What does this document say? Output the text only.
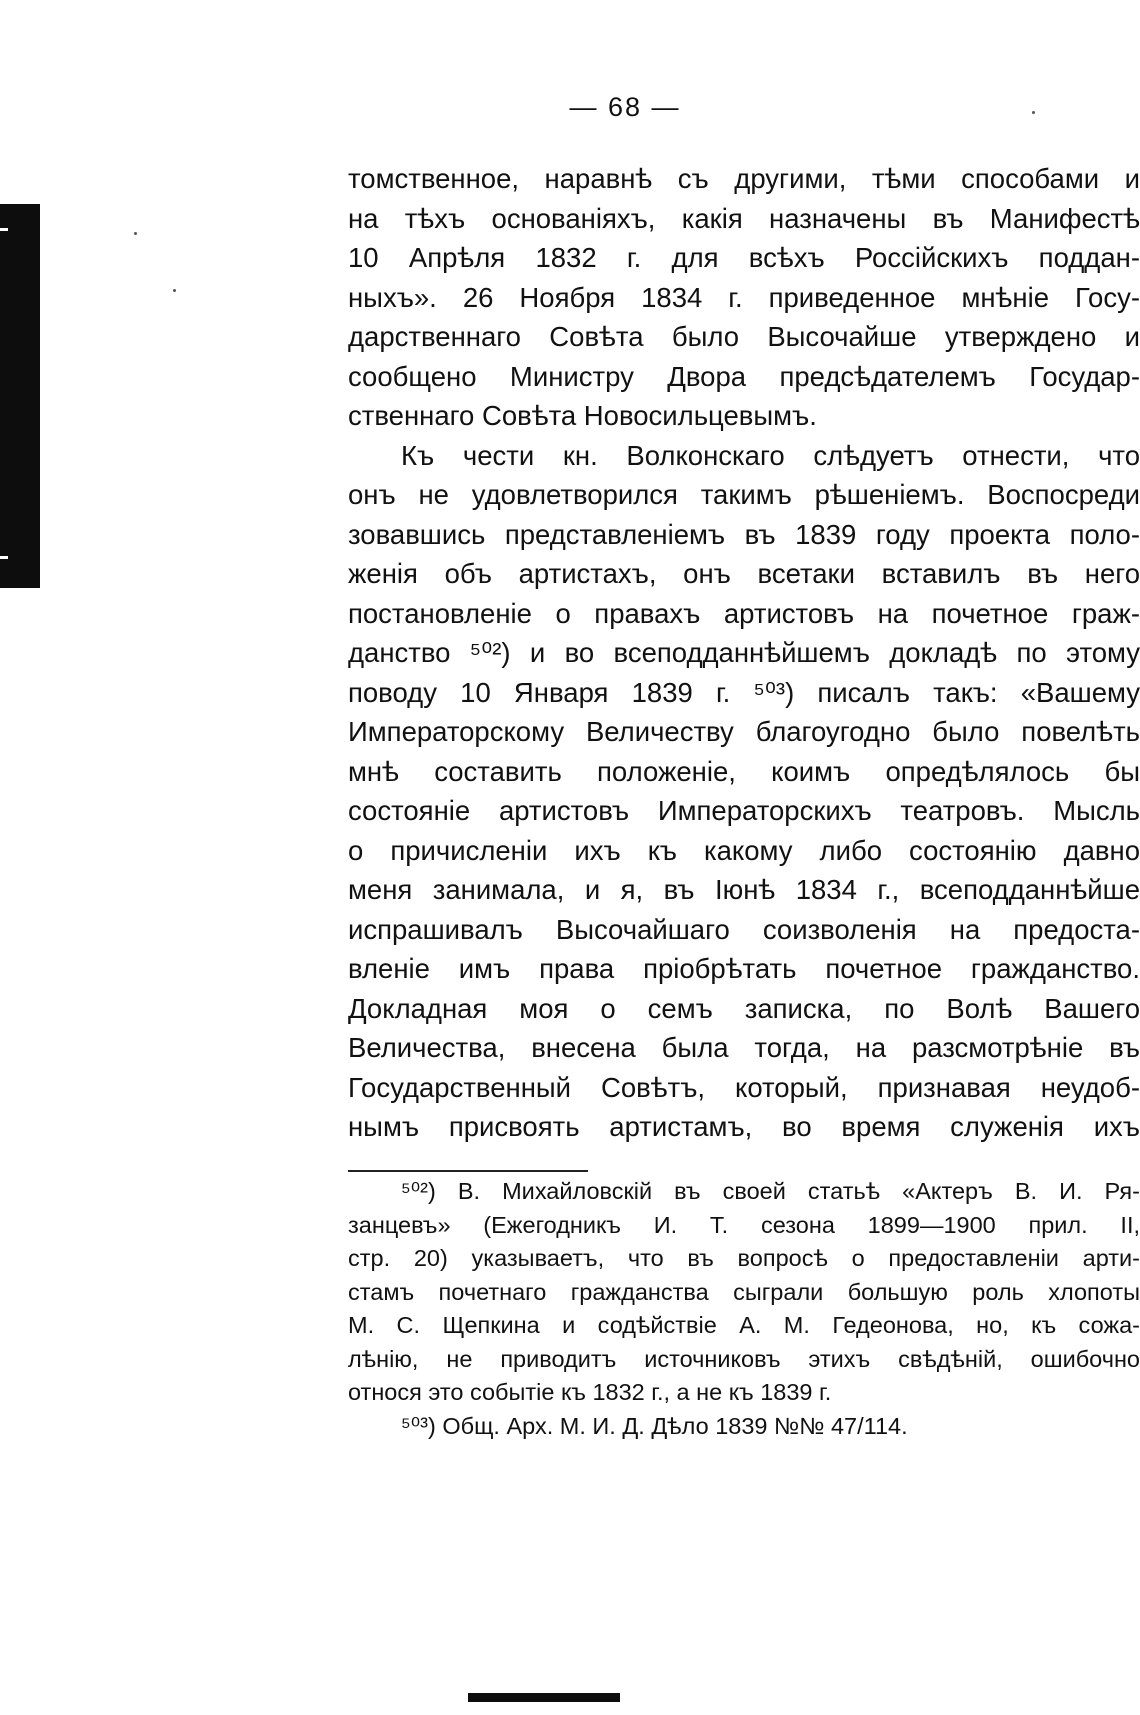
— 68 —
томственное, наравнѣ съ другими, тѣми способами и
на тѣхъ основаніяхъ, какія назначены въ Манифестѣ
10 Апрѣля 1832 г. для всѣхъ Россійскихъ поддан-
ныхъ». 26 Ноября 1834 г. приведенное мнѣніе Госу-
дарственнаго Совѣта было Высочайше утверждено и
сообщено Министру Двора предсѣдателемъ Государ-
ственнаго Совѣта Новосильцевымъ.
Къ чести кн. Волконскаго слѣдуетъ отнести, что
онъ не удовлетворился такимъ рѣшеніемъ. Воспосреди
зовавшись представленіемъ въ 1839 году проекта поло-
женія объ артистахъ, онъ всетаки вставилъ въ него
постановленіе о правахъ артистовъ на почетное граж-
данство ⁵⁰²) и во всеподданнѣйшемъ докладѣ по этому
поводу 10 Января 1839 г. ⁵⁰³) писалъ такъ: «Вашему
Императорскому Величеству благоугодно было повелѣть
мнѣ составить положеніе, коимъ опредѣлялось бы
состояніе артистовъ Императорскихъ театровъ. Мысль
о причисленіи ихъ къ какому либо состоянію давно
меня занимала, и я, въ Іюнѣ 1834 г., всеподданнѣйше
испрашивалъ Высочайшаго соизволенія на предоста-
вленіе имъ права пріобрѣтать почетное гражданство.
Докладная моя о семъ записка, по Волѣ Вашего
Величества, внесена была тогда, на разсмотрѣніе въ
Государственный Совѣтъ, который, признавая неудоб-
нымъ присвоять артистамъ, во время служенія ихъ
⁵⁰²) В. Михайловскій въ своей статьѣ «Актеръ В. И. Ря-
занцевъ» (Ежегодникъ И. Т. сезона 1899—1900 прил. II,
стр. 20) указываетъ, что въ вопросѣ о предоставленіи арти-
стамъ почетнаго гражданства сыграли большую роль хлопоты
М. С. Щепкина и содѣйствіе А. М. Гедеонова, но, къ сожа-
лѣнію, не приводитъ источниковъ этихъ свѣдѣній, ошибочно
относя это событіе къ 1832 г., а не къ 1839 г.
⁵⁰³) Общ. Арх. М. И. Д. Дѣло 1839 №№ 47/114.
